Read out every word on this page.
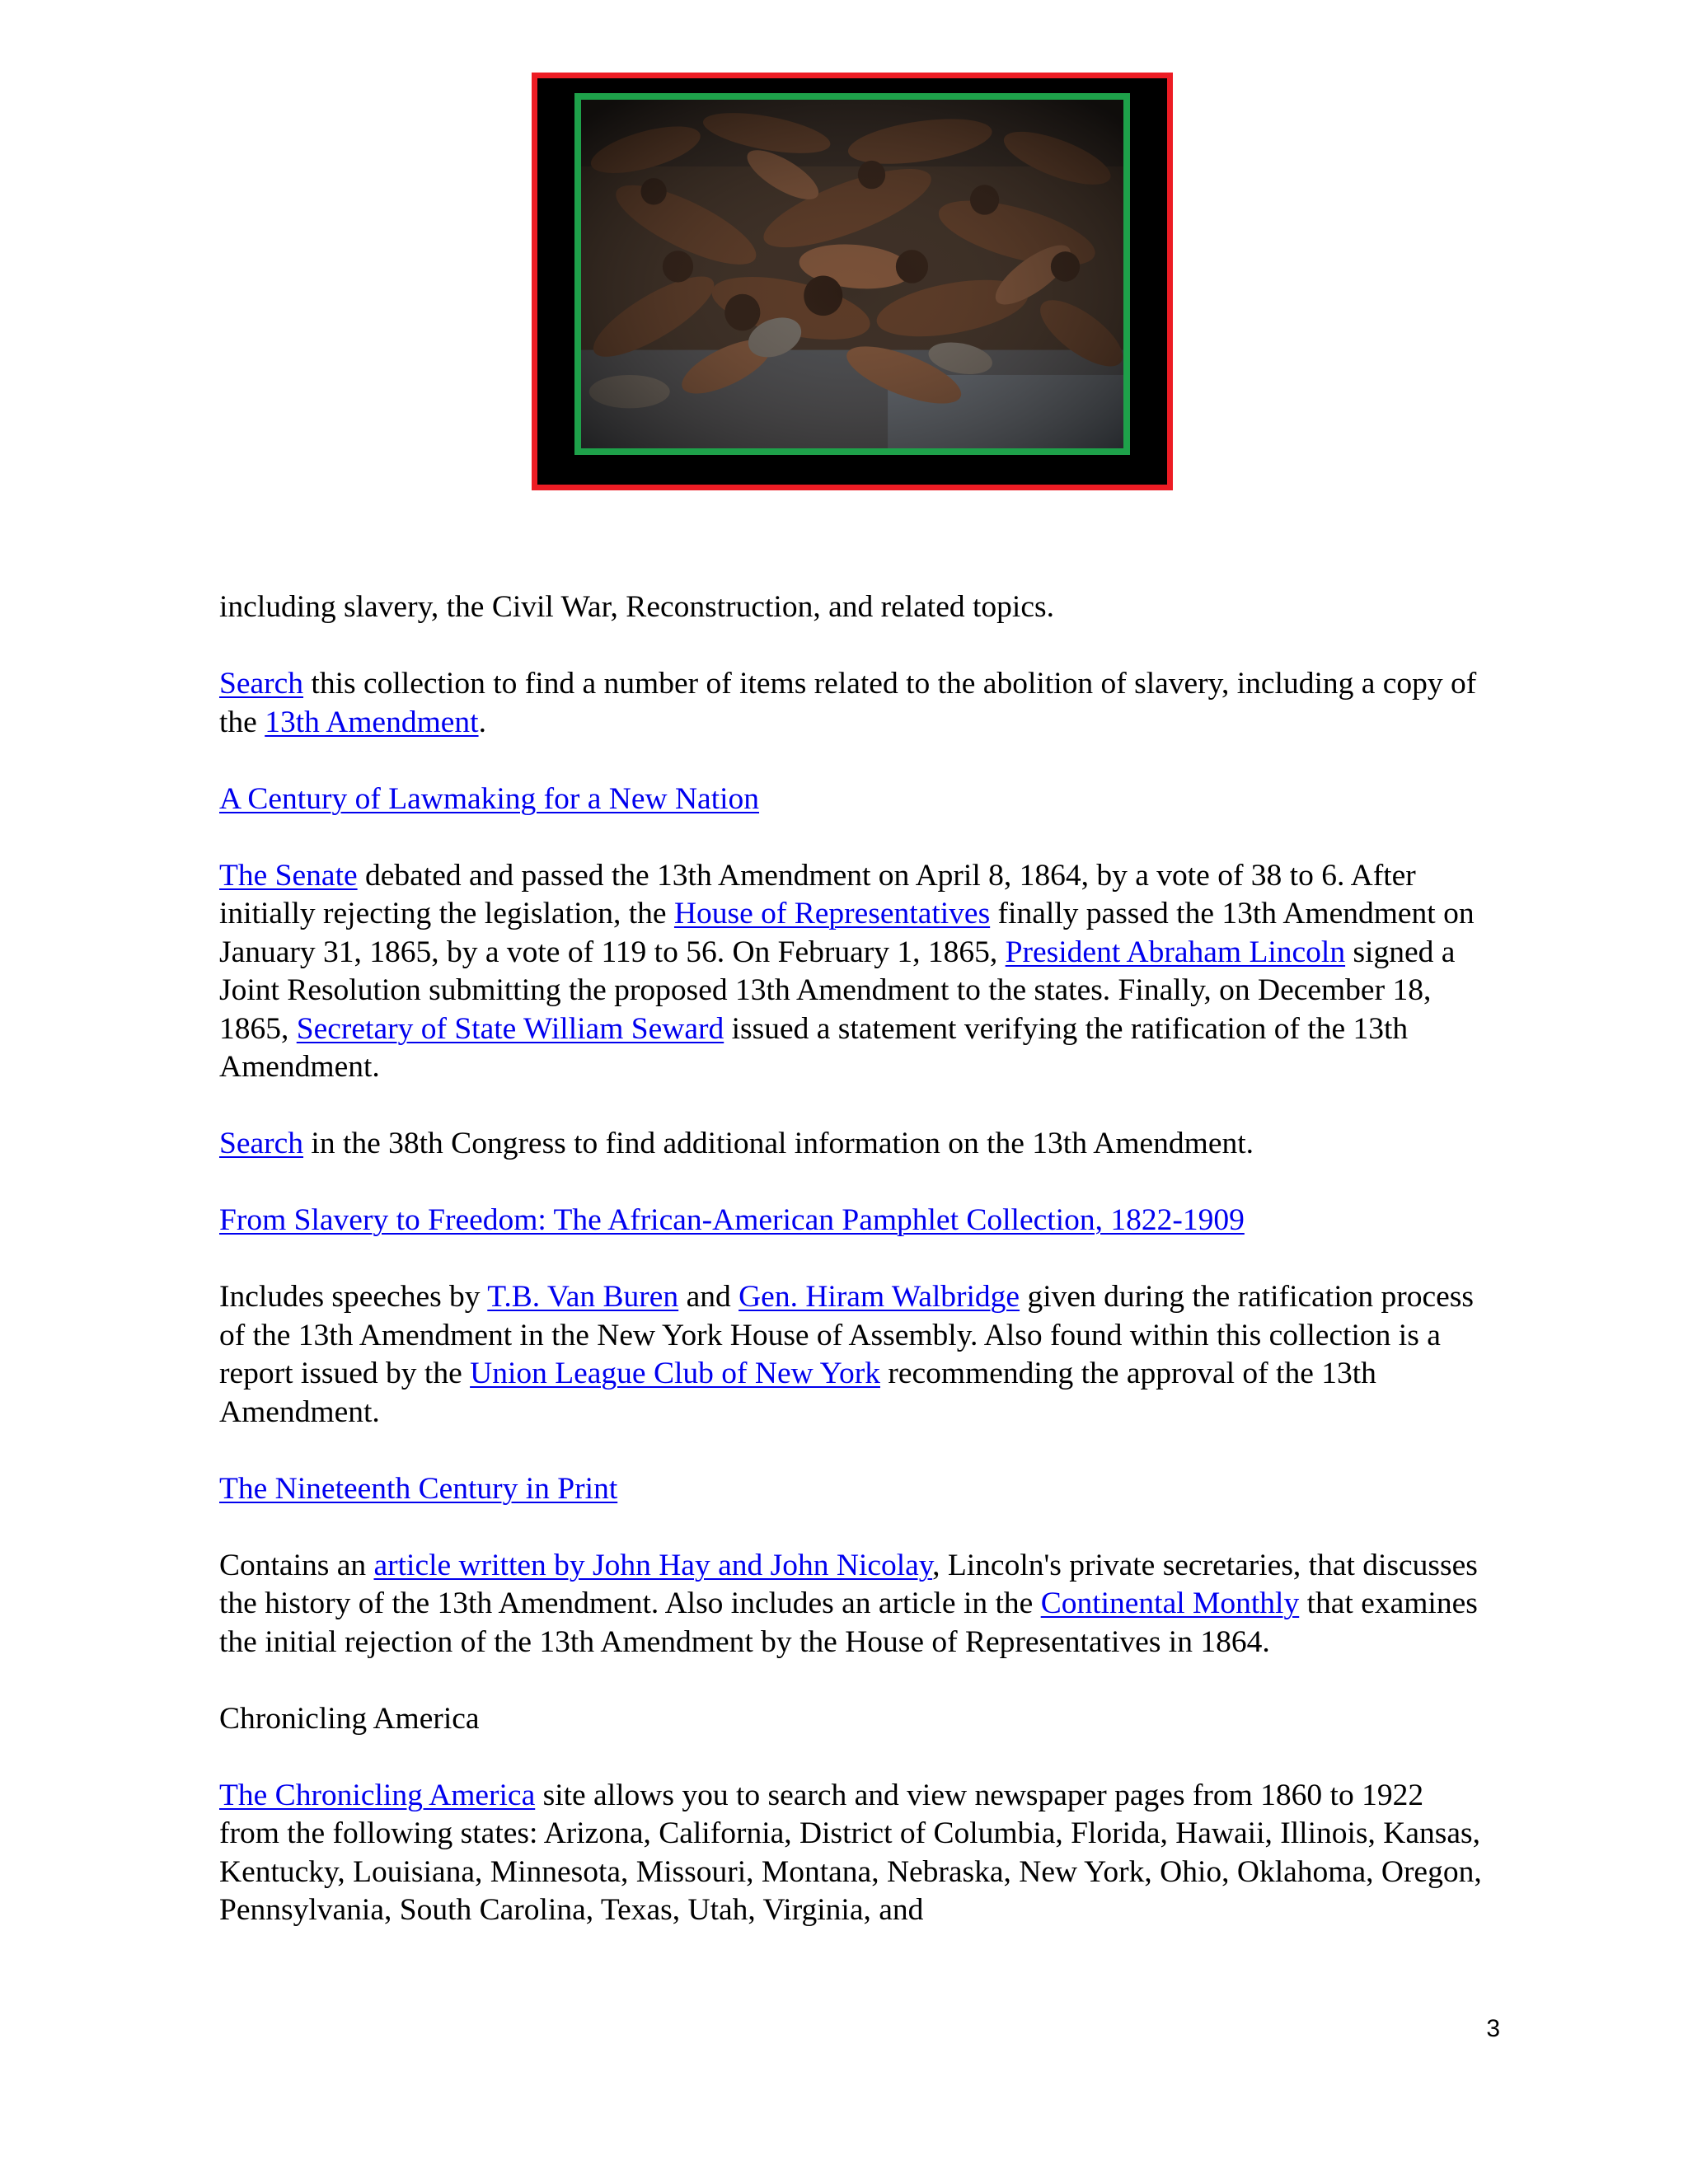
including slavery, the Civil War, Reconstruction, and related topics.

Search this collection to find a number of items related to the abolition of slavery, including a copy of the 13th Amendment.

A Century of Lawmaking for a New Nation

The Senate debated and passed the 13th Amendment on April 8, 1864, by a vote of 38 to 6. After initially rejecting the legislation, the House of Representatives finally passed the 13th Amendment on January 31, 1865, by a vote of 119 to 56. On February 1, 1865, President Abraham Lincoln signed a Joint Resolution submitting the proposed 13th Amendment to the states. Finally, on December 18, 1865, Secretary of State William Seward issued a statement verifying the ratification of the 13th Amendment.

Search in the 38th Congress to find additional information on the 13th Amendment.

From Slavery to Freedom: The African-American Pamphlet Collection, 1822-1909

Includes speeches by T.B. Van Buren and Gen. Hiram Walbridge given during the ratification process of the 13th Amendment in the New York House of Assembly. Also found within this collection is a report issued by the Union League Club of New York recommending the approval of the 13th Amendment.

The Nineteenth Century in Print

Contains an article written by John Hay and John Nicolay, Lincoln's private secretaries, that discusses the history of the 13th Amendment. Also includes an article in the Continental Monthly that examines the initial rejection of the 13th Amendment by the House of Representatives in 1864.

Chronicling America

The Chronicling America site allows you to search and view newspaper pages from 1860 to 1922 from the following states: Arizona, California, District of Columbia, Florida, Hawaii, Illinois, Kansas, Kentucky, Louisiana, Minnesota, Missouri, Montana, Nebraska, New York, Ohio, Oklahoma, Oregon, Pennsylvania, South Carolina, Texas, Utah, Virginia, and

3
